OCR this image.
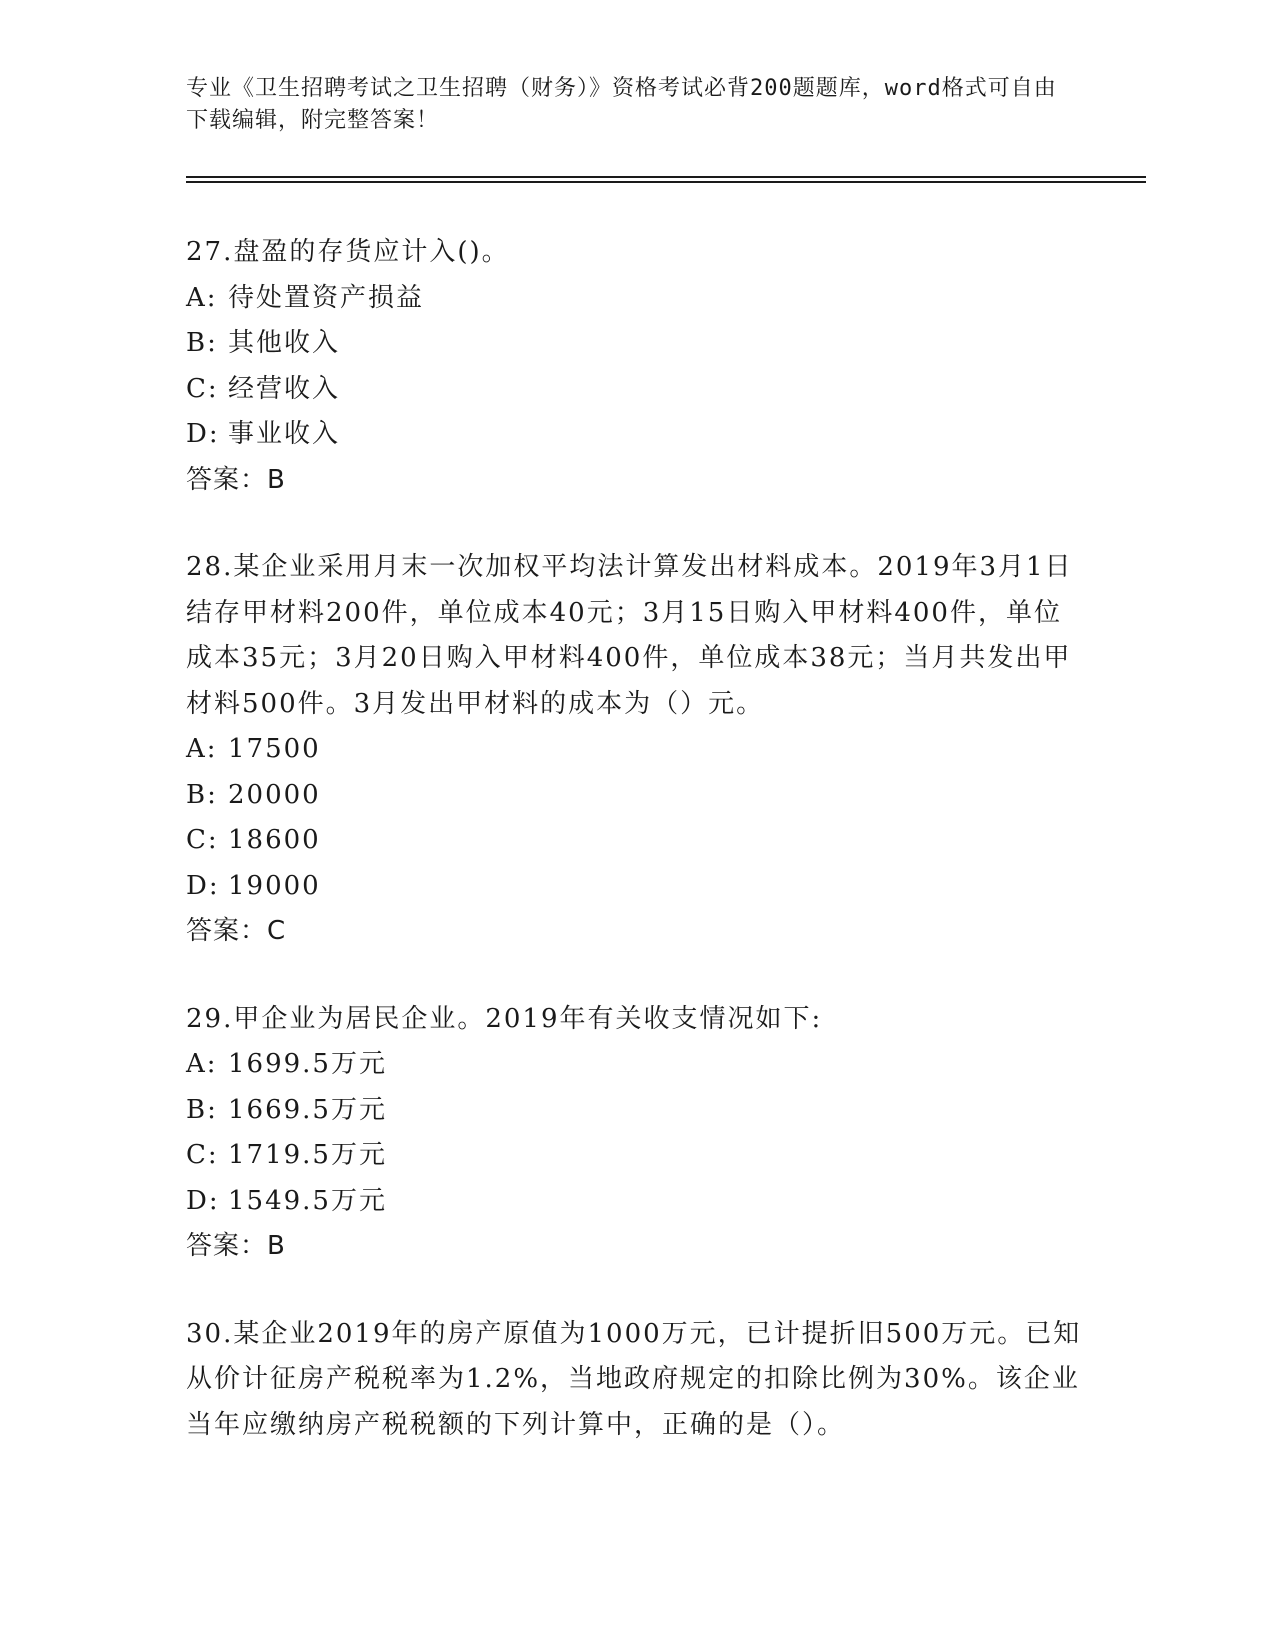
专业《卫生招聘考试之卫生招聘（财务）》资格考试必背200题题库，word格式可自由下载编辑，附完整答案！

27.盘盈的存货应计入()。

A: 待处置资产损益

B: 其他收入

C: 经营收入

D: 事业收入

答案：B

28.某企业采用月末一次加权平均法计算发出材料成本。2019年3月1日结存甲材料200件，单位成本40元；3月15日购入甲材料400件，单位成本35元；3月20日购入甲材料400件，单位成本38元；当月共发出甲材料500件。3月发出甲材料的成本为（）元。

A: 17500

B: 20000

C: 18600

D: 19000

答案：C

29.甲企业为居民企业。2019年有关收支情况如下:

A: 1699.5万元

B: 1669.5万元

C: 1719.5万元

D: 1549.5万元

答案：B

30.某企业2019年的房产原值为1000万元，已计提折旧500万元。已知从价计征房产税税率为1.2%，当地政府规定的扣除比例为30%。该企业当年应缴纳房产税税额的下列计算中，正确的是（）。
